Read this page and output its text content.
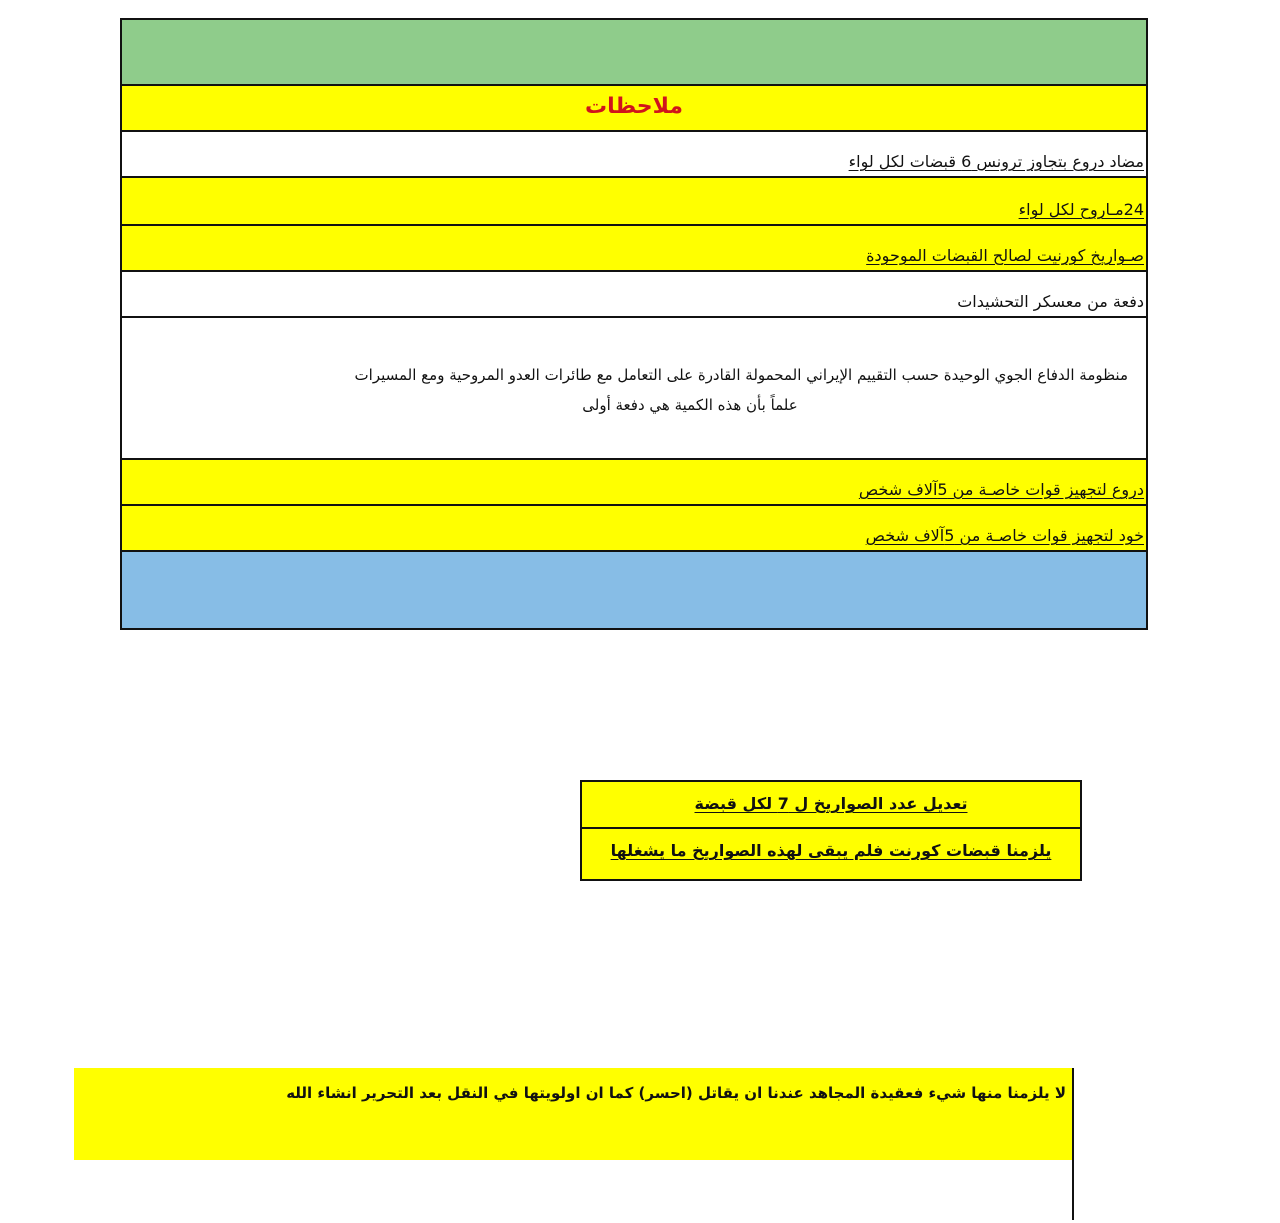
ملاحظات
مضاد دروع بتجاوز ترونس 6 قبضات لكل لواء
24مـاروح لكل لواء
صـواريخ كورنيت لصالح القبضات الموحودة
دفعة من معسكر التحشيدات
منظومة الدفاع الجوي الوحيدة حسب التقييم الإيراني المحمولة القادرة على التعامل مع طائرات العدو المروحية ومع المسيرات
علماً بأن هذه الكمية هي دفعة أولى
دروع لتجهيز قوات خاصـة من 5آلاف شخص
خود لتجهيز قوات خاصـة من 5آلاف شخص
تعديل عدد الصواريخ ل 7 لكل قبضة
يلزمنا قبضات كورنت فلم يبقى لهذه الصواريخ ما يشغلها
لا يلزمنا منها شيء فعقيدة المجاهد عندنا ان يقاتل (احسر) كما ان اولويتها في النقل بعد التحرير انشاء الله
